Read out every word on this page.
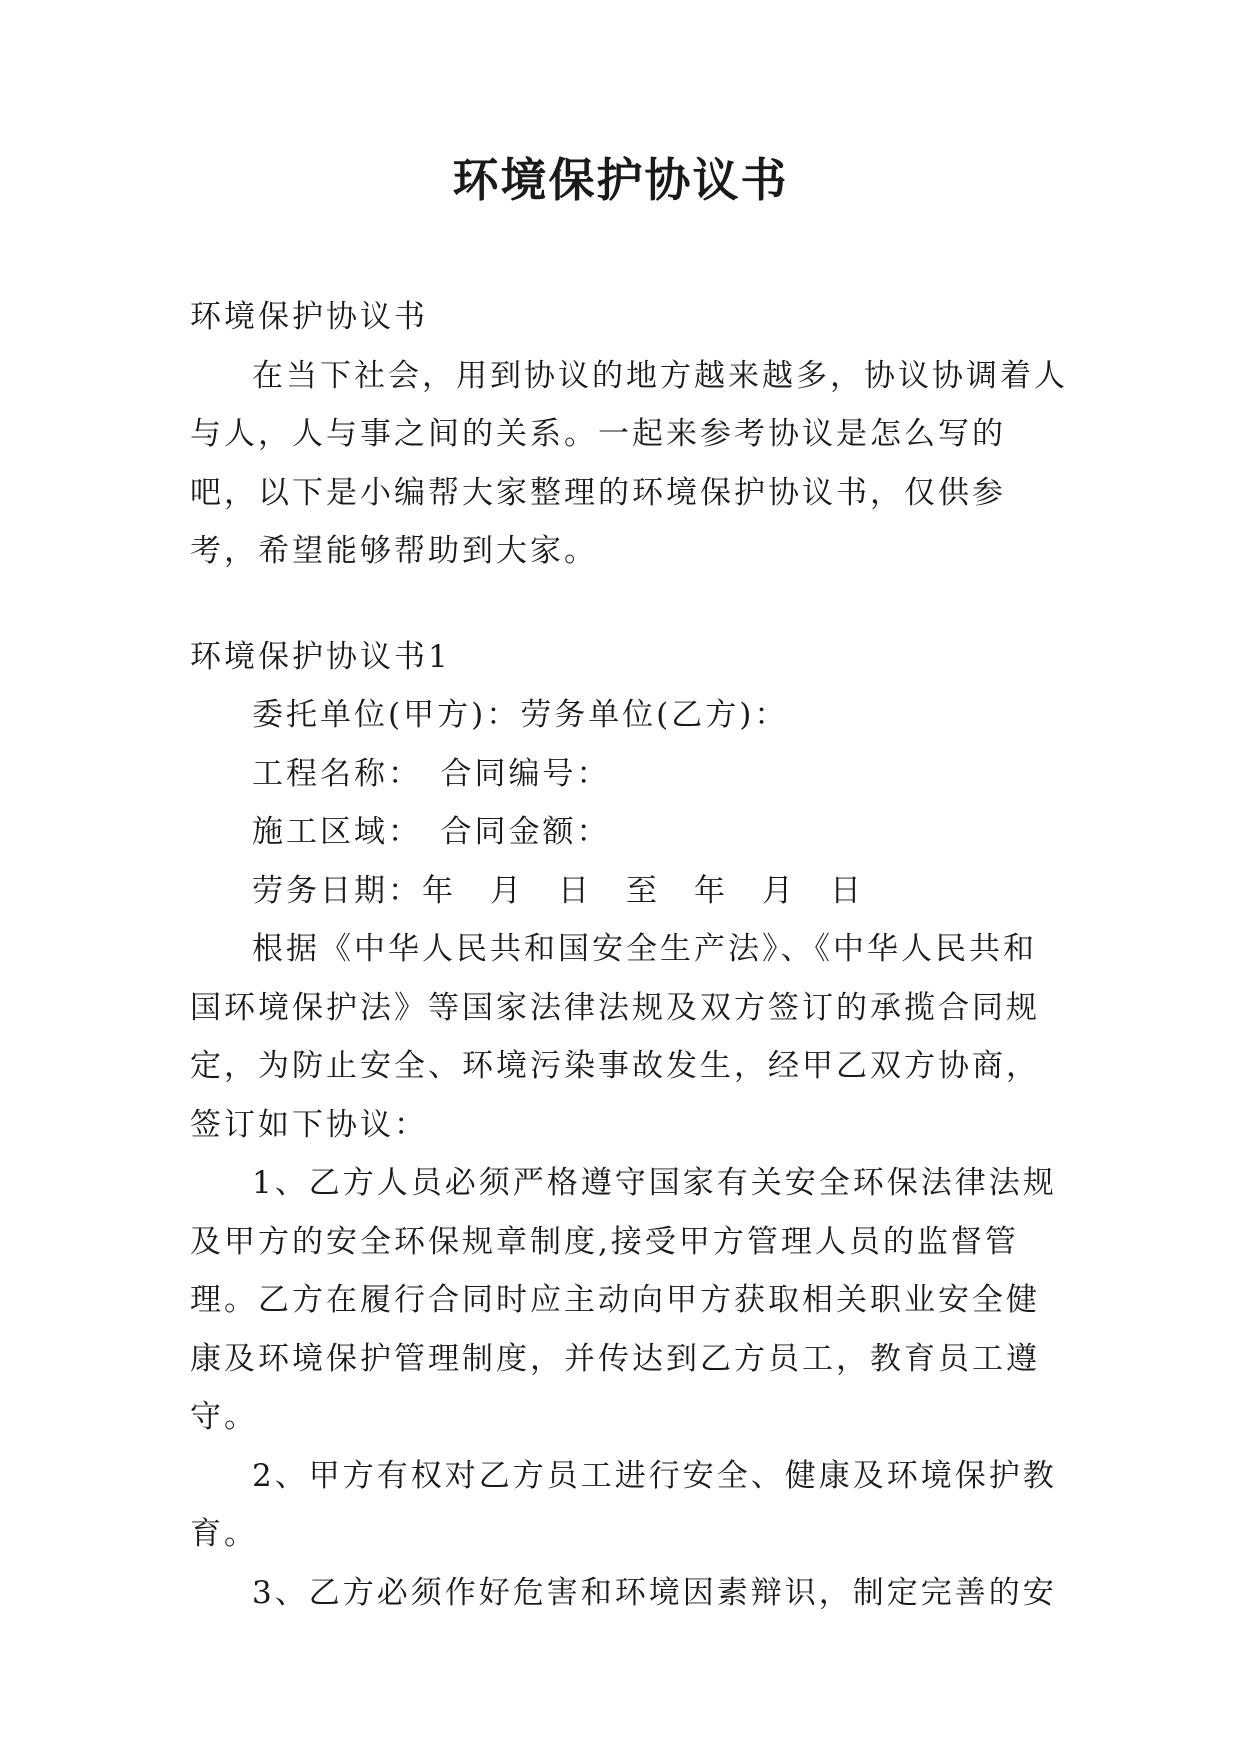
环境保护协议书

环境保护协议书

在当下社会，用到协议的地方越来越多，协议协调着人与人，人与事之间的关系。一起来参考协议是怎么写的吧，以下是小编帮大家整理的环境保护协议书，仅供参考，希望能够帮助到大家。

环境保护协议书1

委托单位(甲方)：劳务单位(乙方)：

工程名称：　合同编号：

施工区域：　合同金额：

劳务日期：年　月　日　至　年　月　日

根据《中华人民共和国安全生产法》、《中华人民共和国环境保护法》等国家法律法规及双方签订的承揽合同规定，为防止安全、环境污染事故发生，经甲乙双方协商，签订如下协议：

1、乙方人员必须严格遵守国家有关安全环保法律法规及甲方的安全环保规章制度,接受甲方管理人员的监督管理。乙方在履行合同时应主动向甲方获取相关职业安全健康及环境保护管理制度，并传达到乙方员工，教育员工遵守。

2、甲方有权对乙方员工进行安全、健康及环境保护教育。

3、乙方必须作好危害和环境因素辩识，制定完善的安
